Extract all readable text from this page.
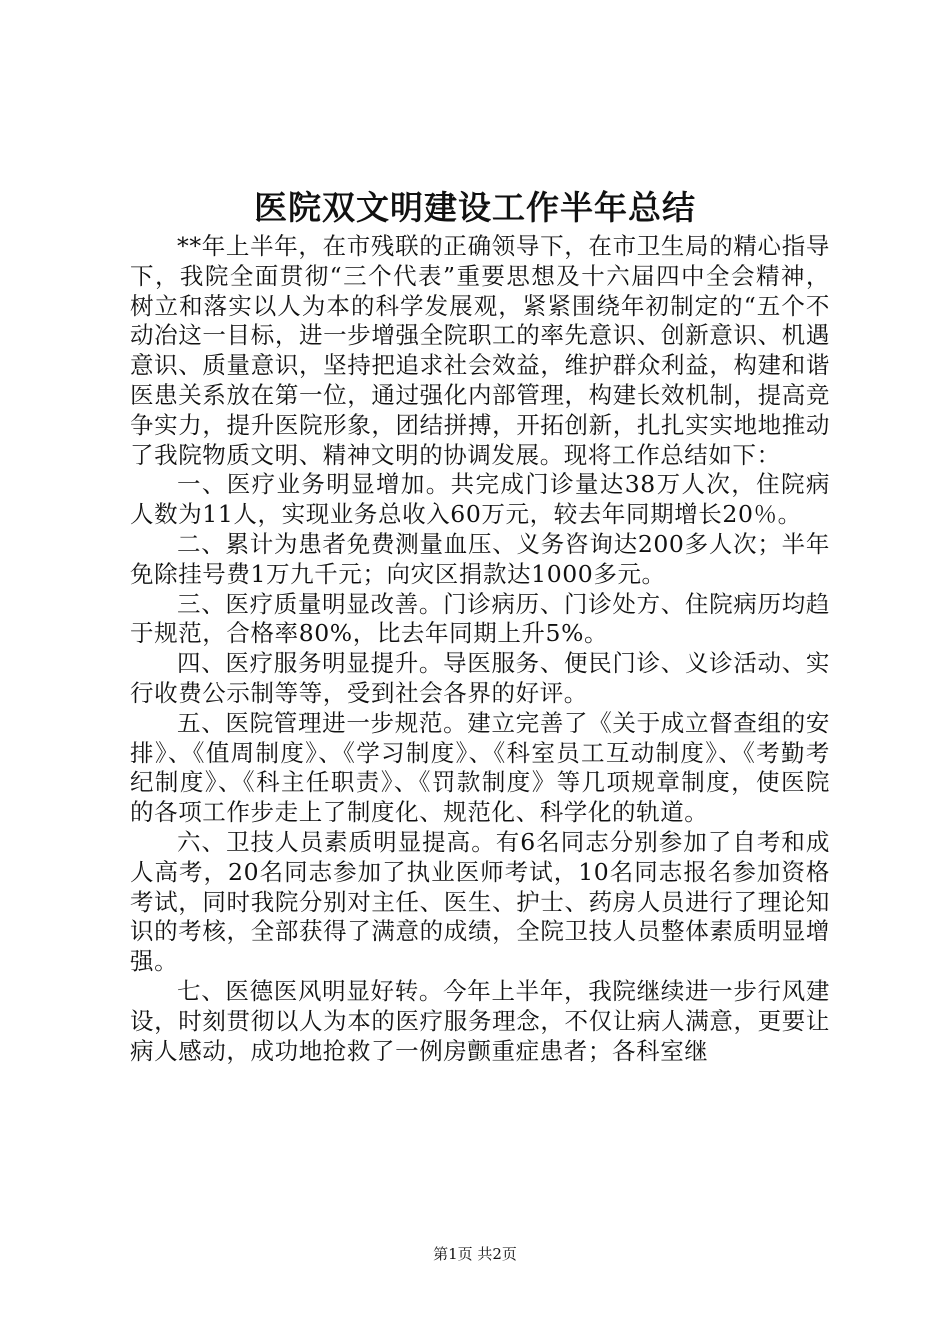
医院双文明建设工作半年总结

**年上半年，在市残联的正确领导下，在市卫生局的精心指导下，我院全面贯彻“三个代表”重要思想及十六届四中全会精神，树立和落实以人为本的科学发展观，紧紧围绕年初制定的“五个不动冶这一目标，进一步增强全院职工的率先意识、创新意识、机遇意识、质量意识，坚持把追求社会效益，维护群众利益，构建和谐医患关系放在第一位，通过强化内部管理，构建长效机制，提高竞争实力，提升医院形象，团结拼搏，开拓创新，扎扎实实地地推动了我院物质文明、精神文明的协调发展。现将工作总结如下：

一、医疗业务明显增加。共完成门诊量达38万人次，住院病人数为11人，实现业务总收入60万元，较去年同期增长20％。

二、累计为患者免费测量血压、义务咨询达200多人次；半年免除挂号费1万九千元；向灾区捐款达1000多元。

三、医疗质量明显改善。门诊病历、门诊处方、住院病历均趋于规范，合格率80%，比去年同期上升5%。

四、医疗服务明显提升。导医服务、便民门诊、义诊活动、实行收费公示制等等，受到社会各界的好评。

五、医院管理进一步规范。建立完善了《关于成立督查组的安排》、《值周制度》、《学习制度》、《科室员工互动制度》、《考勤考纪制度》、《科主任职责》、《罚款制度》等几项规章制度，使医院的各项工作步走上了制度化、规范化、科学化的轨道。

六、卫技人员素质明显提高。有6名同志分别参加了自考和成人高考，20名同志参加了执业医师考试，10名同志报名参加资格考试，同时我院分别对主任、医生、护士、药房人员进行了理论知识的考核，全部获得了满意的成绩，全院卫技人员整体素质明显增强。

七、医德医风明显好转。今年上半年，我院继续进一步行风建设，时刻贯彻以人为本的医疗服务理念，不仅让病人满意，更要让病人感动，成功地抢救了一例房颤重症患者；各科室继

第1页 共2页
